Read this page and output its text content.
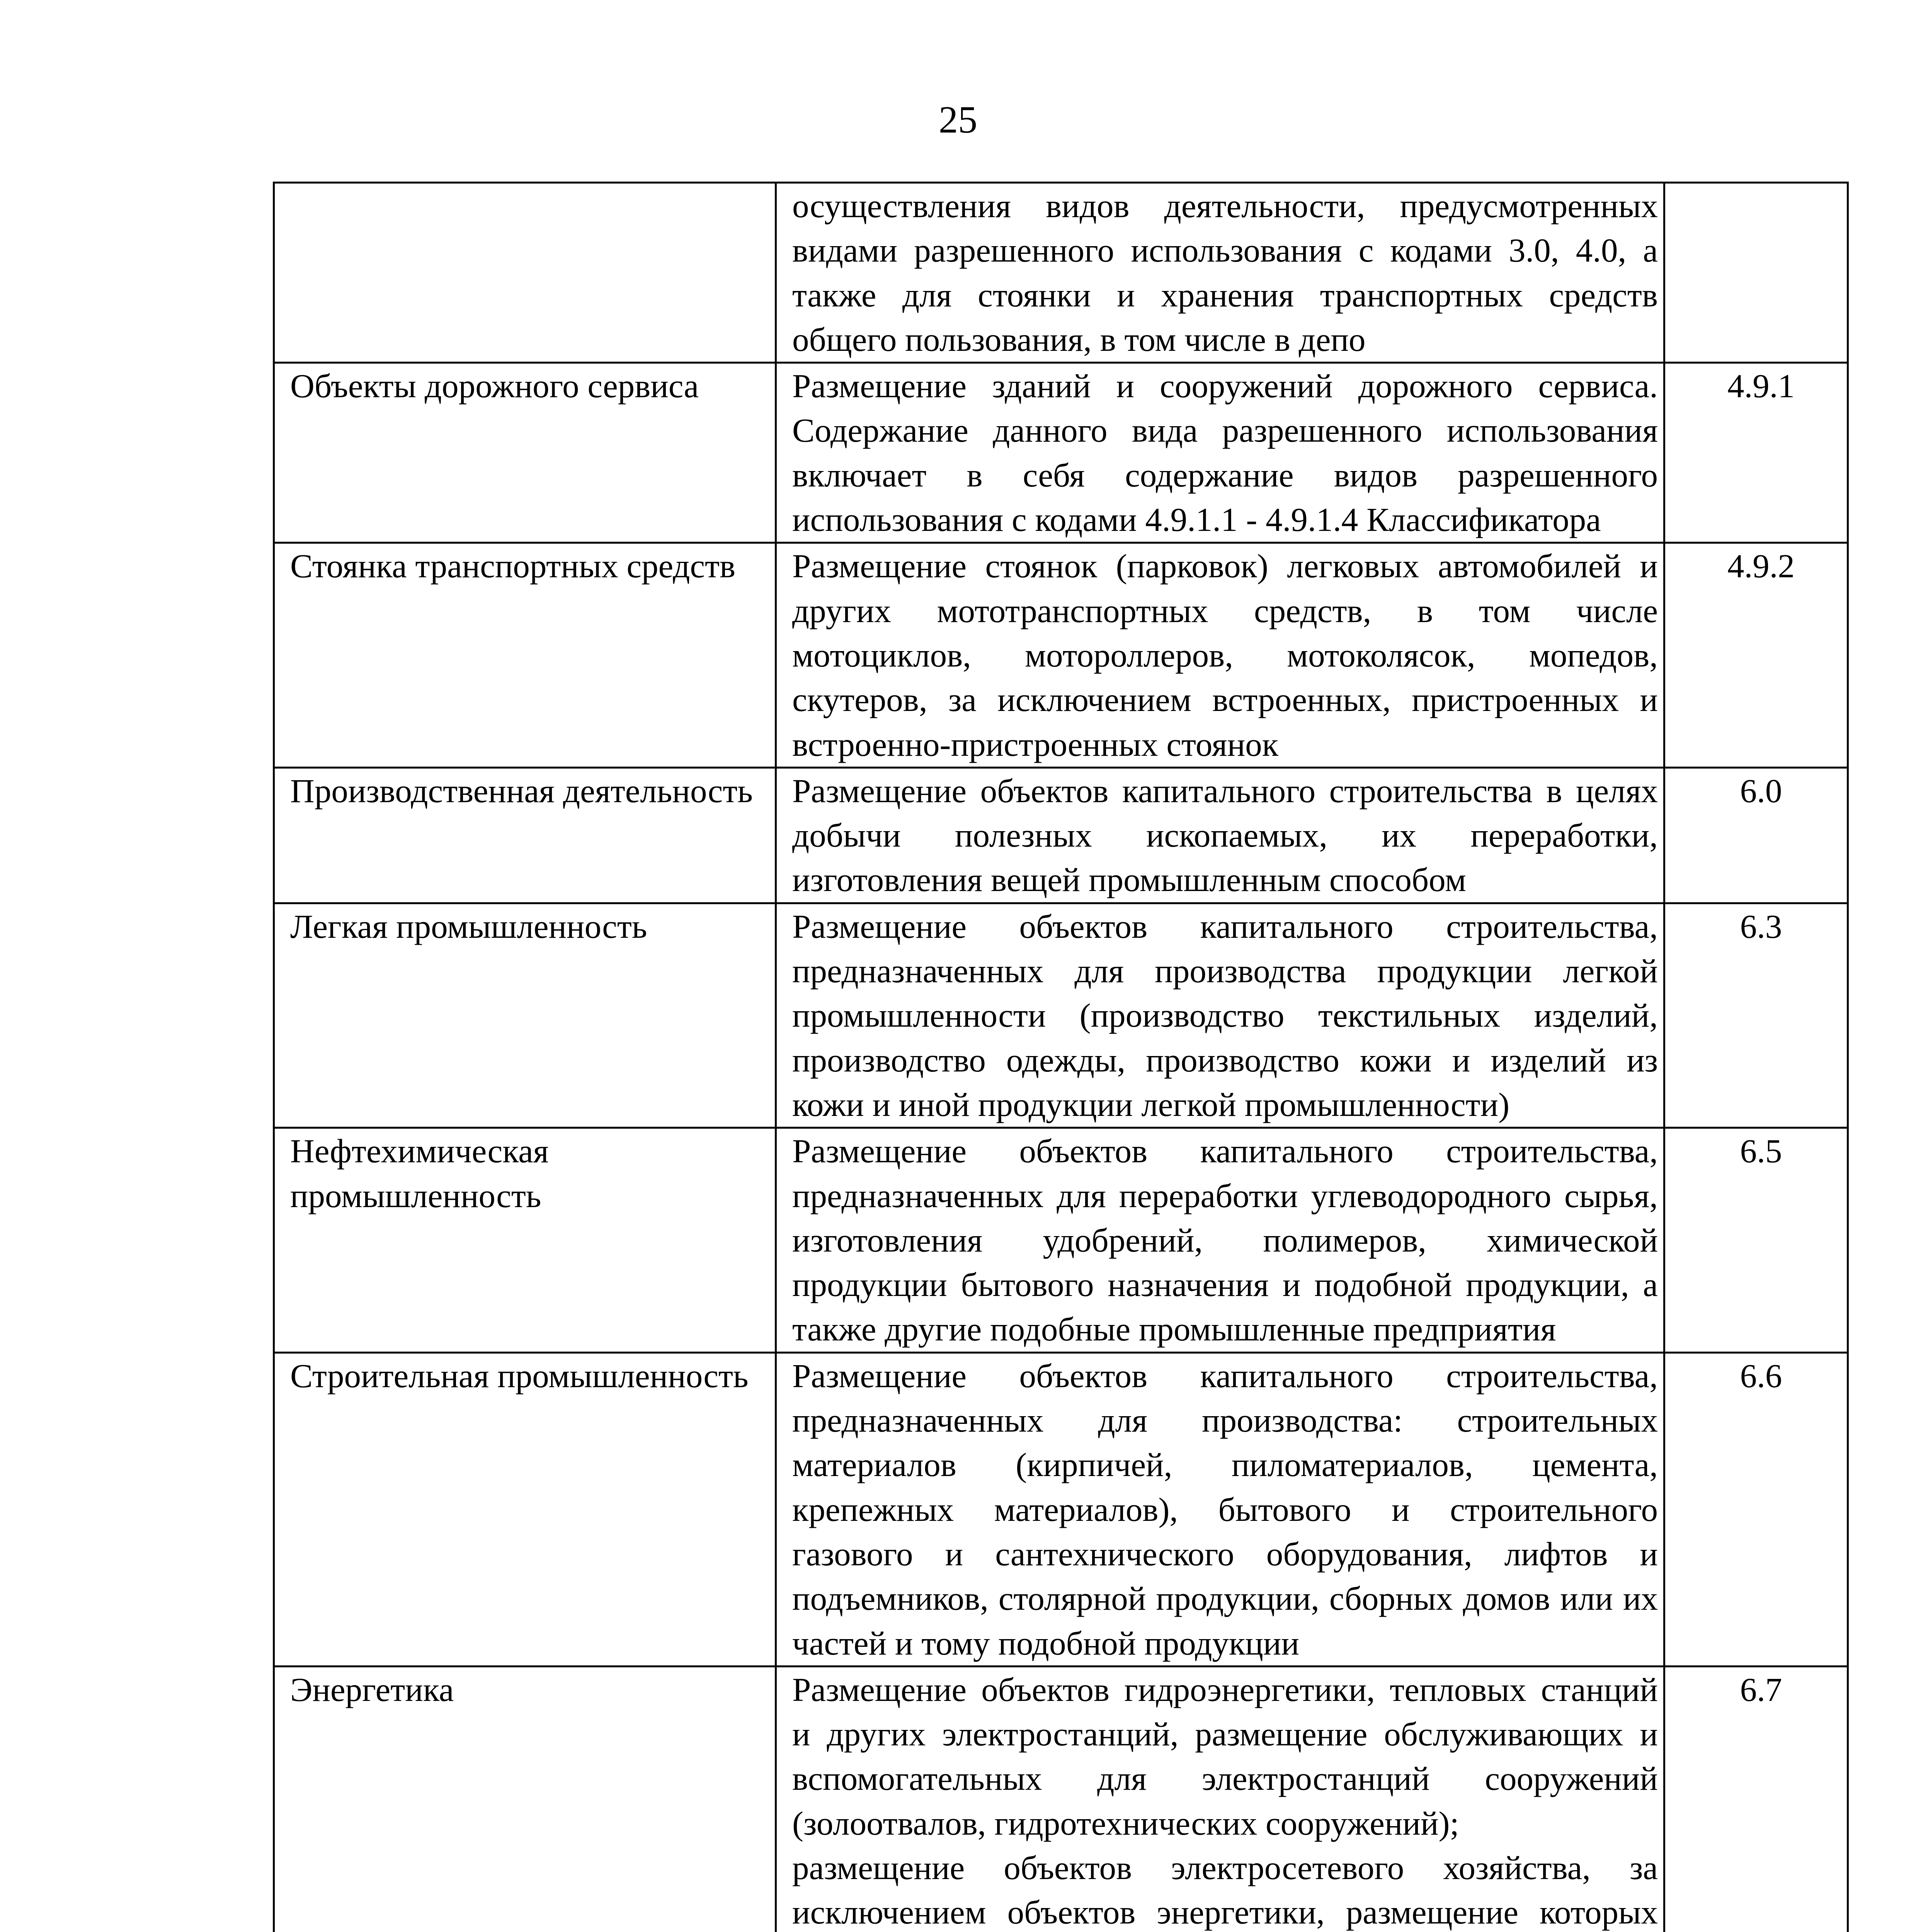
25

	осуществления видов деятельности, предусмотренных видами разрешенного использования с кодами 3.0, 4.0, а также для стоянки и хранения транспортных средств общего пользования, в том числе в депо	

Объекты дорожного сервиса	Размещение зданий и сооружений дорожного сервиса. Содержание данного вида разрешенного использования включает в себя содержание видов разрешенного использования с кодами 4.9.1.1 - 4.9.1.4 Классификатора	4.9.1
Стоянка транспортных средств	Размещение стоянок (парковок) легковых автомобилей и других мототранспортных средств, в том числе мотоциклов, мотороллеров, мотоколясок, мопедов, скутеров, за исключением встроенных, пристроенных и встроенно-пристроенных стоянок	4.9.2
Производственная деятельность	Размещение объектов капитального строительства в целях добычи полезных ископаемых, их переработки, изготовления вещей промышленным способом	6.0
Легкая промышленность	Размещение объектов капитального строительства, предназначенных для производства продукции легкой промышленности (производство текстильных изделий, производство одежды, производство кожи и изделий из кожи и иной продукции легкой промышленности)	6.3
Нефтехимическая промышленность	Размещение объектов капитального строительства, предназначенных для переработки углеводородного сырья, изготовления удобрений, полимеров, химической продукции бытового назначения и подобной продукции, а также другие подобные промышленные предприятия	6.5
Строительная промышленность	Размещение объектов капитального строительства, предназначенных для производства: строительных материалов (кирпичей, пиломатериалов, цемента, крепежных материалов), бытового и строительного газового и сантехнического оборудования, лифтов и подъемников, столярной продукции, сборных домов или их частей и тому подобной продукции	6.6
Энергетика	Размещение объектов гидроэнергетики, тепловых станций и других электростанций, размещение обслуживающих и вспомогательных для электростанций сооружений (золоотвалов, гидротехнических сооружений);

размещение объектов электросетевого хозяйства, за исключением объектов энергетики, размещение которых	6.7
